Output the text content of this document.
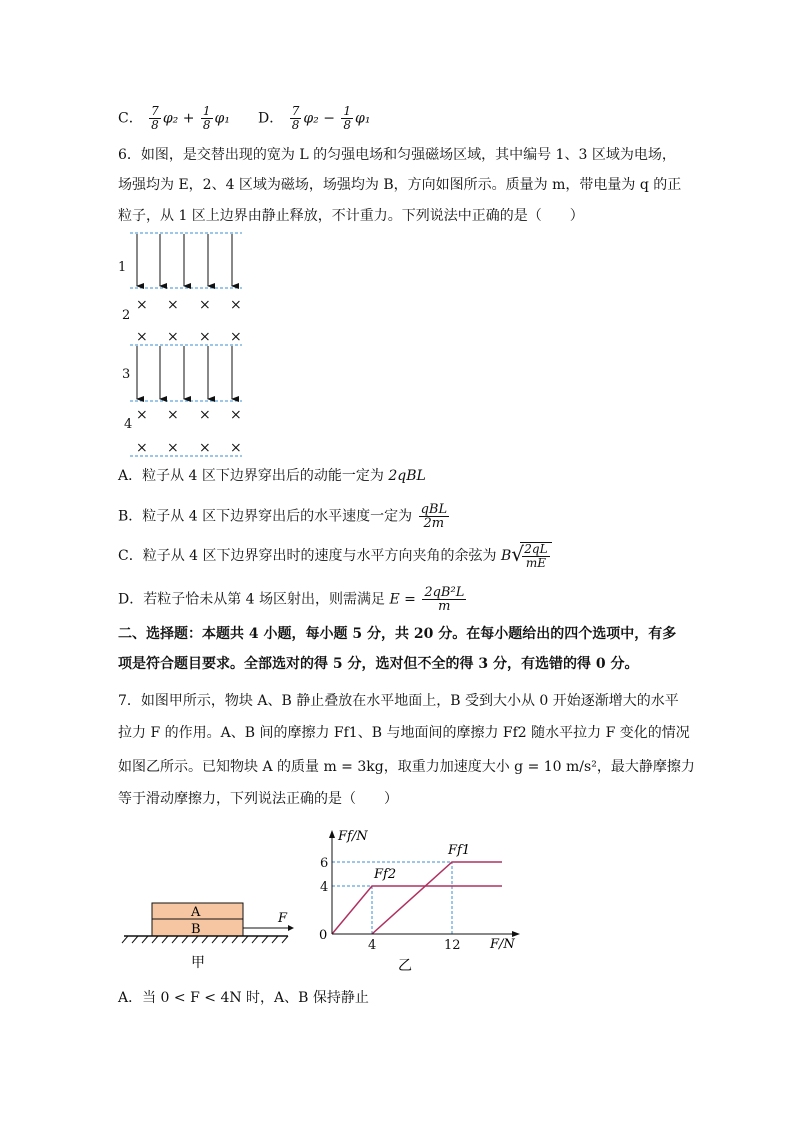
C． $\frac{7}{8} \varphi_2 + \frac{1}{8} \varphi_1$ D． $\frac{7}{8} \varphi_2 - \frac{1}{8} \varphi_1$
6．如图，是交替出现的宽为 L 的匀强电场和匀强磁场区域，其中编号 1、3 区域为电场，
场强均为 E，2、4 区域为磁场，场强均为 B，方向如图所示。质量为 m，带电量为 q 的正
粒子，从 1 区上边界由静止释放，不计重力。下列说法中正确的是（　　）
1
2
3
4
× × × ×
× × × ×
× × × ×
× × × ×
A．粒子从 4 区下边界穿出后的动能一定为 2qBL
B．粒子从 4 区下边界穿出后的水平速度一定为 $\frac{\text{qBL}}{2m}$
C．粒子从 4 区下边界穿出时的速度与水平方向夹角的余弦为 B √
$\frac{2qL}{mE}$
D．若粒子恰未从第 4 场区射出，则需满足 $E = \frac{\text{2qB²L}}{m}$
二、选择题：本题共 4 小题，每小题 5 分，共 20 分。在每小题给出的四个选项中，有多
项是符合题目要求。全部选对的得 5 分，选对但不全的得 3 分，有选错的得 0 分。
7．如图甲所示，物块 A、B 静止叠放在水平地面上，B 受到大小从 0 开始逐渐增大的水平
拉力 F 的作用。A、B 间的摩擦力 Ff1、B 与地面间的摩擦力 Ff2 随水平拉力 F 变化的情况
如图乙所示。已知物块 A 的质量 m = 3kg，取重力加速度大小 g = 10 m/s²，最大静摩擦力
等于滑动摩擦力，下列说法正确的是（　　）
A
B
F
甲
4
6
4	12 F/N
Ff/N
0
Ff1
Ff2
乙
A．当 0 < F < 4N 时，A、B 保持静止
